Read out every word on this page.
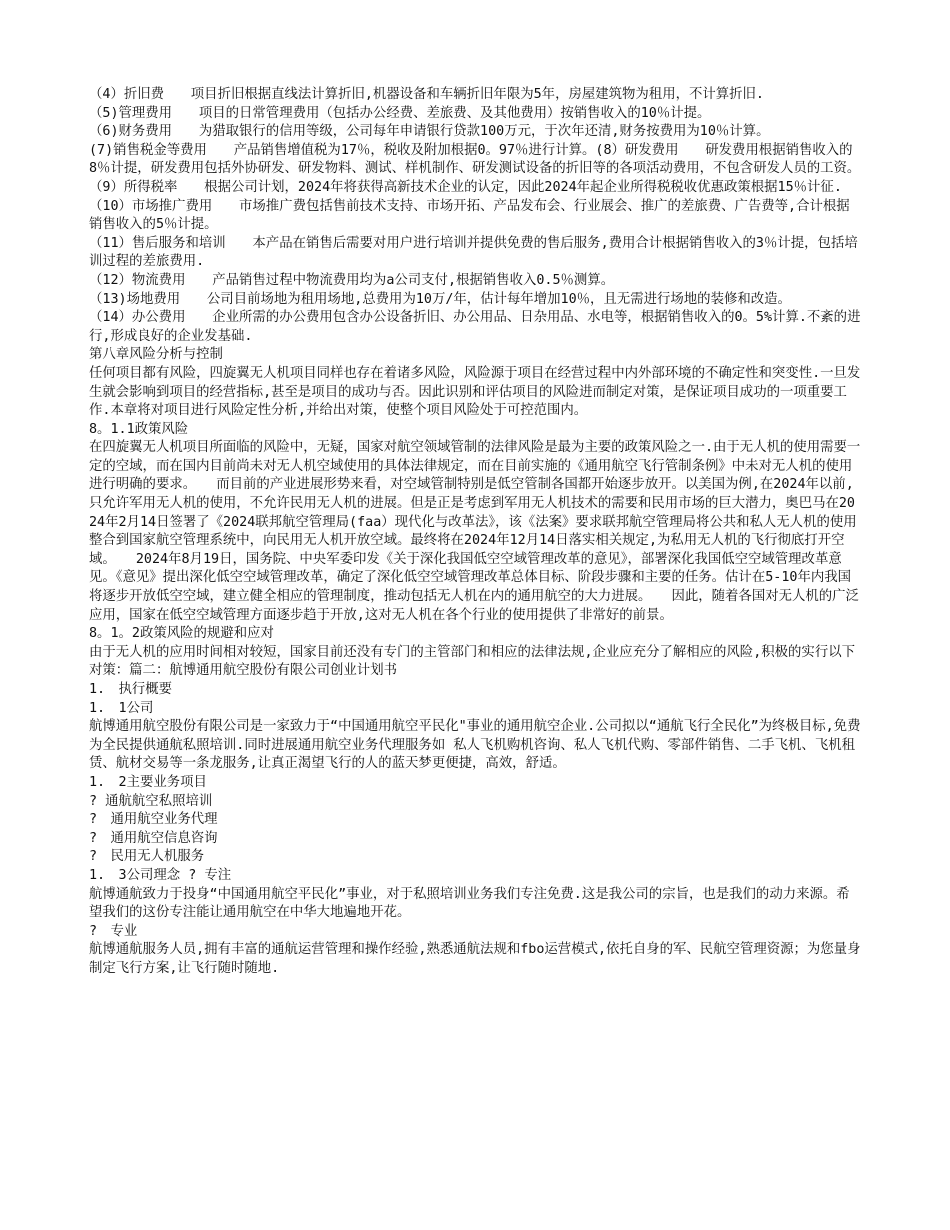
（4）折旧费　　项目折旧根据直线法计算折旧,机器设备和车辆折旧年限为5年，房屋建筑物为租用，不计算折旧.

（5)管理费用　　项目的日常管理费用（包括办公经费、差旅费、及其他费用）按销售收入的10％计提。

（6)财务费用　　为猎取银行的信用等级，公司每年申请银行贷款100万元，于次年还清,财务按费用为10％计算。

(7)销售税金等费用　　产品销售增值税为17％，税收及附加根据0。97％进行计算。(8）研发费用　　研发费用根据销售收入的8％计提，研发费用包括外协研发、研发物料、测试、样机制作、研发测试设备的折旧等的各项活动费用，不包含研发人员的工资。

（9）所得税率　　根据公司计划，2024年将获得高新技术企业的认定，因此2024年起企业所得税税收优惠政策根据15％计征.

（10）市场推广费用　　市场推广费包括售前技术支持、市场开拓、产品发布会、行业展会、推广的差旅费、广告费等,合计根据销售收入的5％计提。

（11）售后服务和培训　　本产品在销售后需要对用户进行培训并提供免费的售后服务,费用合计根据销售收入的3％计提，包括培训过程的差旅费用.

（12）物流费用　　产品销售过程中物流费用均为a公司支付,根据销售收入0.5％测算。

（13)场地费用　　公司目前场地为租用场地,总费用为10万/年，估计每年增加10％，且无需进行场地的装修和改造。

（14）办公费用　　企业所需的办公费用包含办公设备折旧、办公用品、日杂用品、水电等，根据销售收入的0。5%计算.不紊的进行,形成良好的企业发基础.

第八章风险分析与控制

任何项目都有风险，四旋翼无人机项目同样也存在着诸多风险，风险源于项目在经营过程中内外部环境的不确定性和突变性.一旦发生就会影响到项目的经营指标,甚至是项目的成功与否。因此识别和评估项目的风险进而制定对策，是保证项目成功的一项重要工作.本章将对项目进行风险定性分析,并给出对策，使整个项目风险处于可控范围内。

8。1.1政策风险

在四旋翼无人机项目所面临的风险中，无疑，国家对航空领域管制的法律风险是最为主要的政策风险之一.由于无人机的使用需要一定的空域，而在国内目前尚未对无人机空域使用的具体法律规定，而在目前实施的《通用航空飞行管制条例》中未对无人机的使用进行明确的要求。　　而目前的产业进展形势来看，对空域管制特别是低空管制各国都开始逐步放开。以美国为例,在2024年以前,只允许军用无人机的使用，不允许民用无人机的进展。但是正是考虑到军用无人机技术的需要和民用市场的巨大潜力，奥巴马在2024年2月14日签署了《2024联邦航空管理局(faa）现代化与改革法》，该《法案》要求联邦航空管理局将公共和私人无人机的使用整合到国家航空管理系统中，向民用无人机开放空域。最终将在2024年12月14日落实相关规定,为私用无人机的飞行彻底打开空域。　　2024年8月19日，国务院、中央军委印发《关于深化我国低空空域管理改革的意见》，部署深化我国低空空域管理改革意见。《意见》提出深化低空空域管理改革，确定了深化低空空域管理改革总体目标、阶段步骤和主要的任务。估计在5-10年内我国将逐步开放低空空域，建立健全相应的管理制度，推动包括无人机在内的通用航空的大力进展。　　因此，随着各国对无人机的广泛应用，国家在低空空域管理方面逐步趋于开放,这对无人机在各个行业的使用提供了非常好的前景。

8。1。2政策风险的规避和应对

由于无人机的应用时间相对较短，国家目前还没有专门的主管部门和相应的法律法规,企业应充分了解相应的风险,积极的实行以下对策：篇二：航博通用航空股份有限公司创业计划书

1.　执行概要

1.　1公司

航博通用航空股份有限公司是一家致力于“中国通用航空平民化"事业的通用航空企业.公司拟以“通航飞行全民化”为终极目标,免费为全民提供通航私照培训.同时进展通用航空业务代理服务如 私人飞机购机咨询、私人飞机代购、零部件销售、二手飞机、飞机租赁、航材交易等一条龙服务,让真正渴望飞行的人的蓝天梦更便捷，高效，舒适。

1.　2主要业务项目

? 通航航空私照培训

?　通用航空业务代理

?　通用航空信息咨询

?　民用无人机服务

1.　3公司理念 ? 专注

航博通航致力于投身“中国通用航空平民化”事业，对于私照培训业务我们专注免费.这是我公司的宗旨，也是我们的动力来源。希望我们的这份专注能让通用航空在中华大地遍地开花。

?　专业

航博通航服务人员,拥有丰富的通航运营管理和操作经验,熟悉通航法规和fbo运营模式,依托自身的军、民航空管理资源；为您量身制定飞行方案,让飞行随时随地.
